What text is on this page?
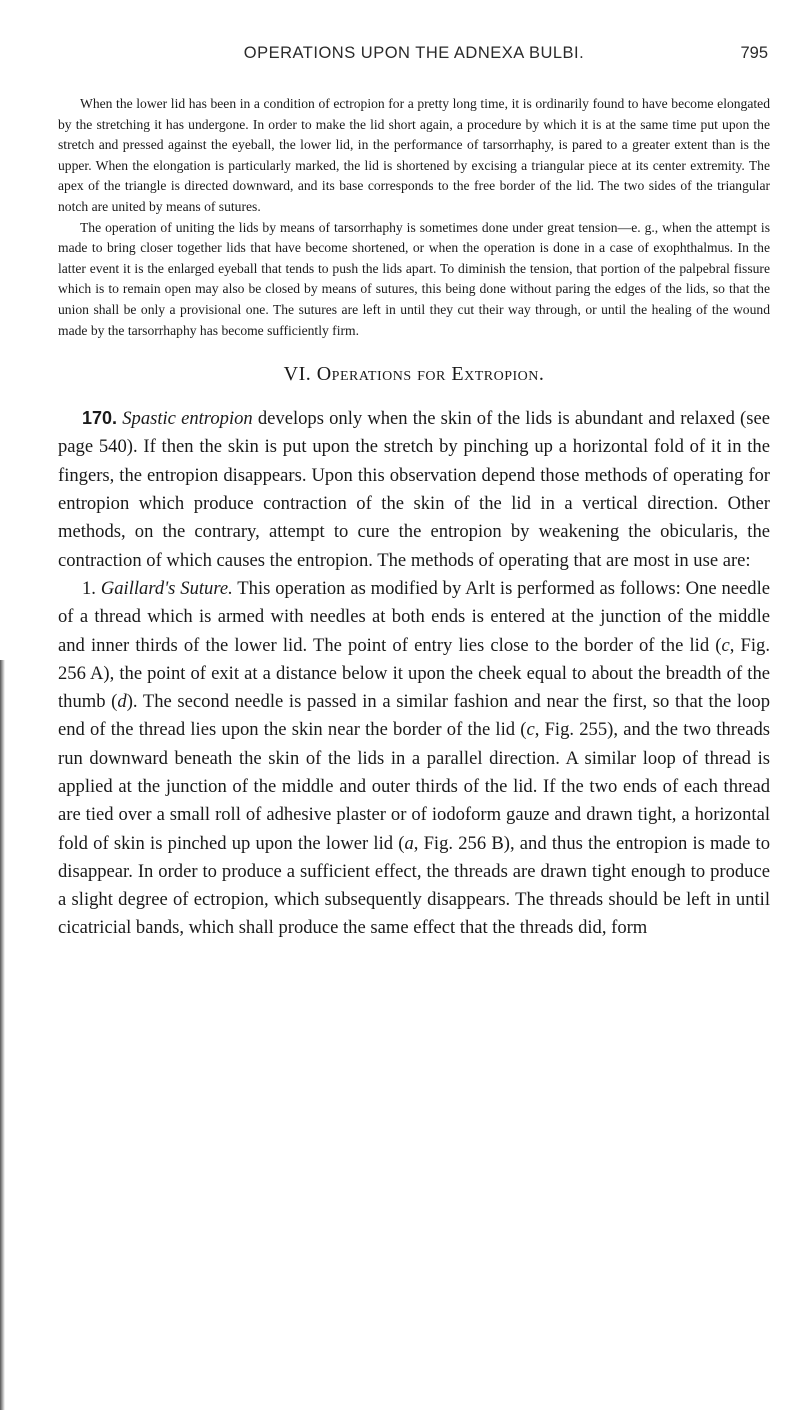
OPERATIONS UPON THE ADNEXA BULBI.	795

When the lower lid has been in a condition of ectropion for a pretty long time, it is ordinarily found to have become elongated by the stretching it has undergone. In order to make the lid short again, a procedure by which it is at the same time put upon the stretch and pressed against the eyeball, the lower lid, in the performance of tarsorrhaphy, is pared to a greater extent than is the upper. When the elongation is particularly marked, the lid is shortened by excising a triangular piece at its center extremity. The apex of the triangle is directed downward, and its base corresponds to the free border of the lid. The two sides of the triangular notch are united by means of sutures.

The operation of uniting the lids by means of tarsorrhaphy is sometimes done under great tension—e. g., when the attempt is made to bring closer together lids that have become shortened, or when the operation is done in a case of exophthalmus. In the latter event it is the enlarged eyeball that tends to push the lids apart. To diminish the tension, that portion of the palpebral fissure which is to remain open may also be closed by means of sutures, this being done without paring the edges of the lids, so that the union shall be only a provisional one. The sutures are left in until they cut their way through, or until the healing of the wound made by the tarsorrhaphy has become sufficiently firm.

VI. Operations for Extropion.

170. Spastic entropion develops only when the skin of the lids is abundant and relaxed (see page 540). If then the skin is put upon the stretch by pinching up a horizontal fold of it in the fingers, the entropion disappears. Upon this observation depend those methods of operating for entropion which produce contraction of the skin of the lid in a vertical direction. Other methods, on the contrary, attempt to cure the entropion by weakening the obicularis, the contraction of which causes the entropion. The methods of operating that are most in use are:

1. Gaillard's Suture. This operation as modified by Arlt is performed as follows: One needle of a thread which is armed with needles at both ends is entered at the junction of the middle and inner thirds of the lower lid. The point of entry lies close to the border of the lid (c, Fig. 256 A), the point of exit at a distance below it upon the cheek equal to about the breadth of the thumb (d). The second needle is passed in a similar fashion and near the first, so that the loop end of the thread lies upon the skin near the border of the lid (c, Fig. 255), and the two threads run downward beneath the skin of the lids in a parallel direction. A similar loop of thread is applied at the junction of the middle and outer thirds of the lid. If the two ends of each thread are tied over a small roll of adhesive plaster or of iodoform gauze and drawn tight, a horizontal fold of skin is pinched up upon the lower lid (a, Fig. 256 B), and thus the entropion is made to disappear. In order to produce a sufficient effect, the threads are drawn tight enough to produce a slight degree of ectropion, which subsequently disappears. The threads should be left in until cicatricial bands, which shall produce the same effect that the threads did, form
